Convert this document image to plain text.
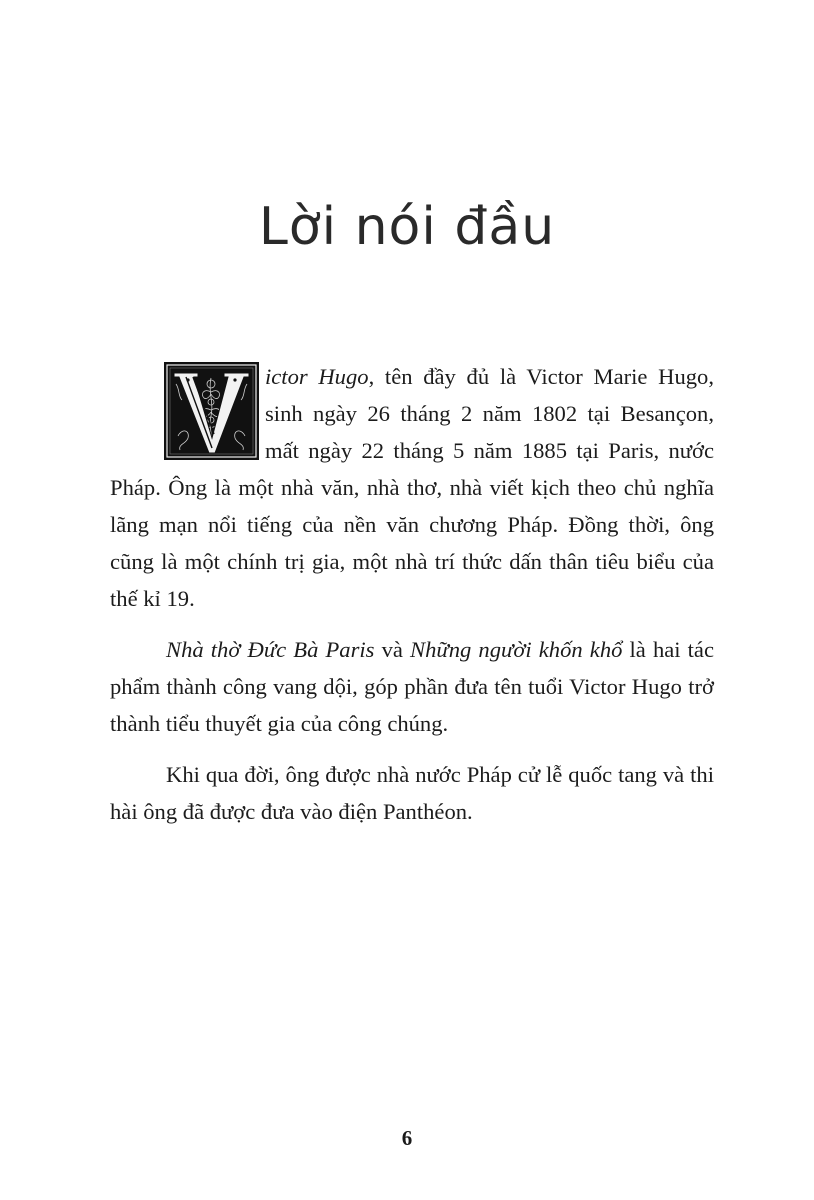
Lời nói đầu

ictor Hugo, tên đầy đủ là Victor Marie Hugo, sinh ngày 26 tháng 2 năm 1802 tại Besançon, mất ngày 22 tháng 5 năm 1885 tại Paris, nước Pháp. Ông là một nhà văn, nhà thơ, nhà viết kịch theo chủ nghĩa lãng mạn nổi tiếng của nền văn chương Pháp. Đồng thời, ông cũng là một chính trị gia, một nhà trí thức dấn thân tiêu biểu của thế kỉ 19.

Nhà thờ Đức Bà Paris và Những người khốn khổ là hai tác phẩm thành công vang dội, góp phần đưa tên tuổi Victor Hugo trở thành tiểu thuyết gia của công chúng.

Khi qua đời, ông được nhà nước Pháp cử lễ quốc tang và thi hài ông đã được đưa vào điện Panthéon.

6
